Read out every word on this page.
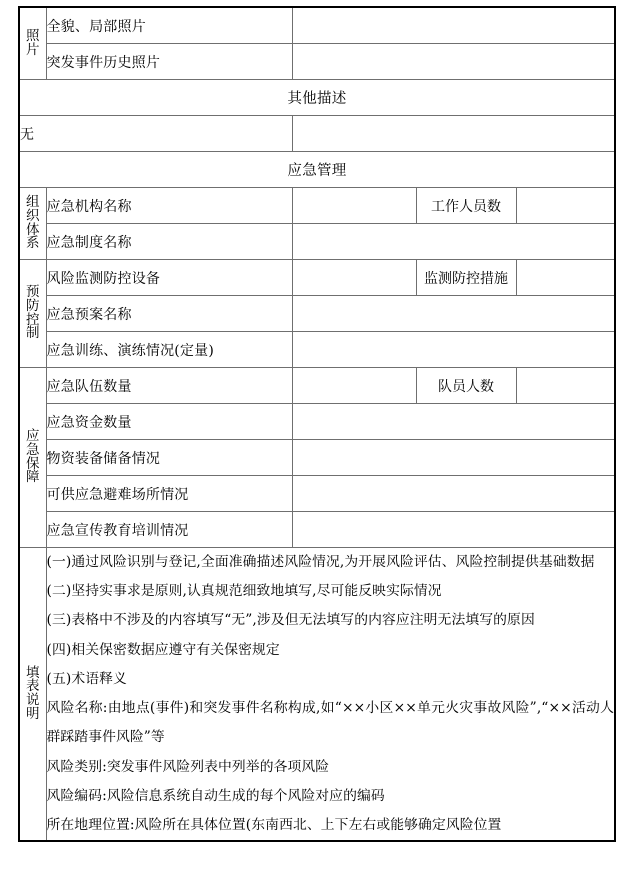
照片	全貌、局部照片			
	突发事件历史照片			
其他描述				
无				
应急管理				

组织体系	应急机构名称		工作人员数	
	应急制度名称			

预防控制	风险监测防控设备		监测防控措施	
	应急预案名称			
	应急训练、演练情况(定量)			

应急保障	应急队伍数量		队员人数	
	应急资金数量			
	物资装备储备情况			
	可供应急避难场所情况			
	应急宣传教育培训情况			

填表说明

(一)通过风险识别与登记,全面准确描述风险情况,为开展风险评估、风险控制提供基础数据

(二)坚持实事求是原则,认真规范细致地填写,尽可能反映实际情况

(三)表格中不涉及的内容填写“无”,涉及但无法填写的内容应注明无法填写的原因

(四)相关保密数据应遵守有关保密规定

(五)术语释义

风险名称:由地点(事件)和突发事件名称构成,如“××小区××单元火灾事故风险”,“××活动人群踩踏事件风险”等

风险类别:突发事件风险列表中列举的各项风险

风险编码:风险信息系统自动生成的每个风险对应的编码

所在地理位置:风险所在具体位置(东南西北、上下左右或能够确定风险位置
